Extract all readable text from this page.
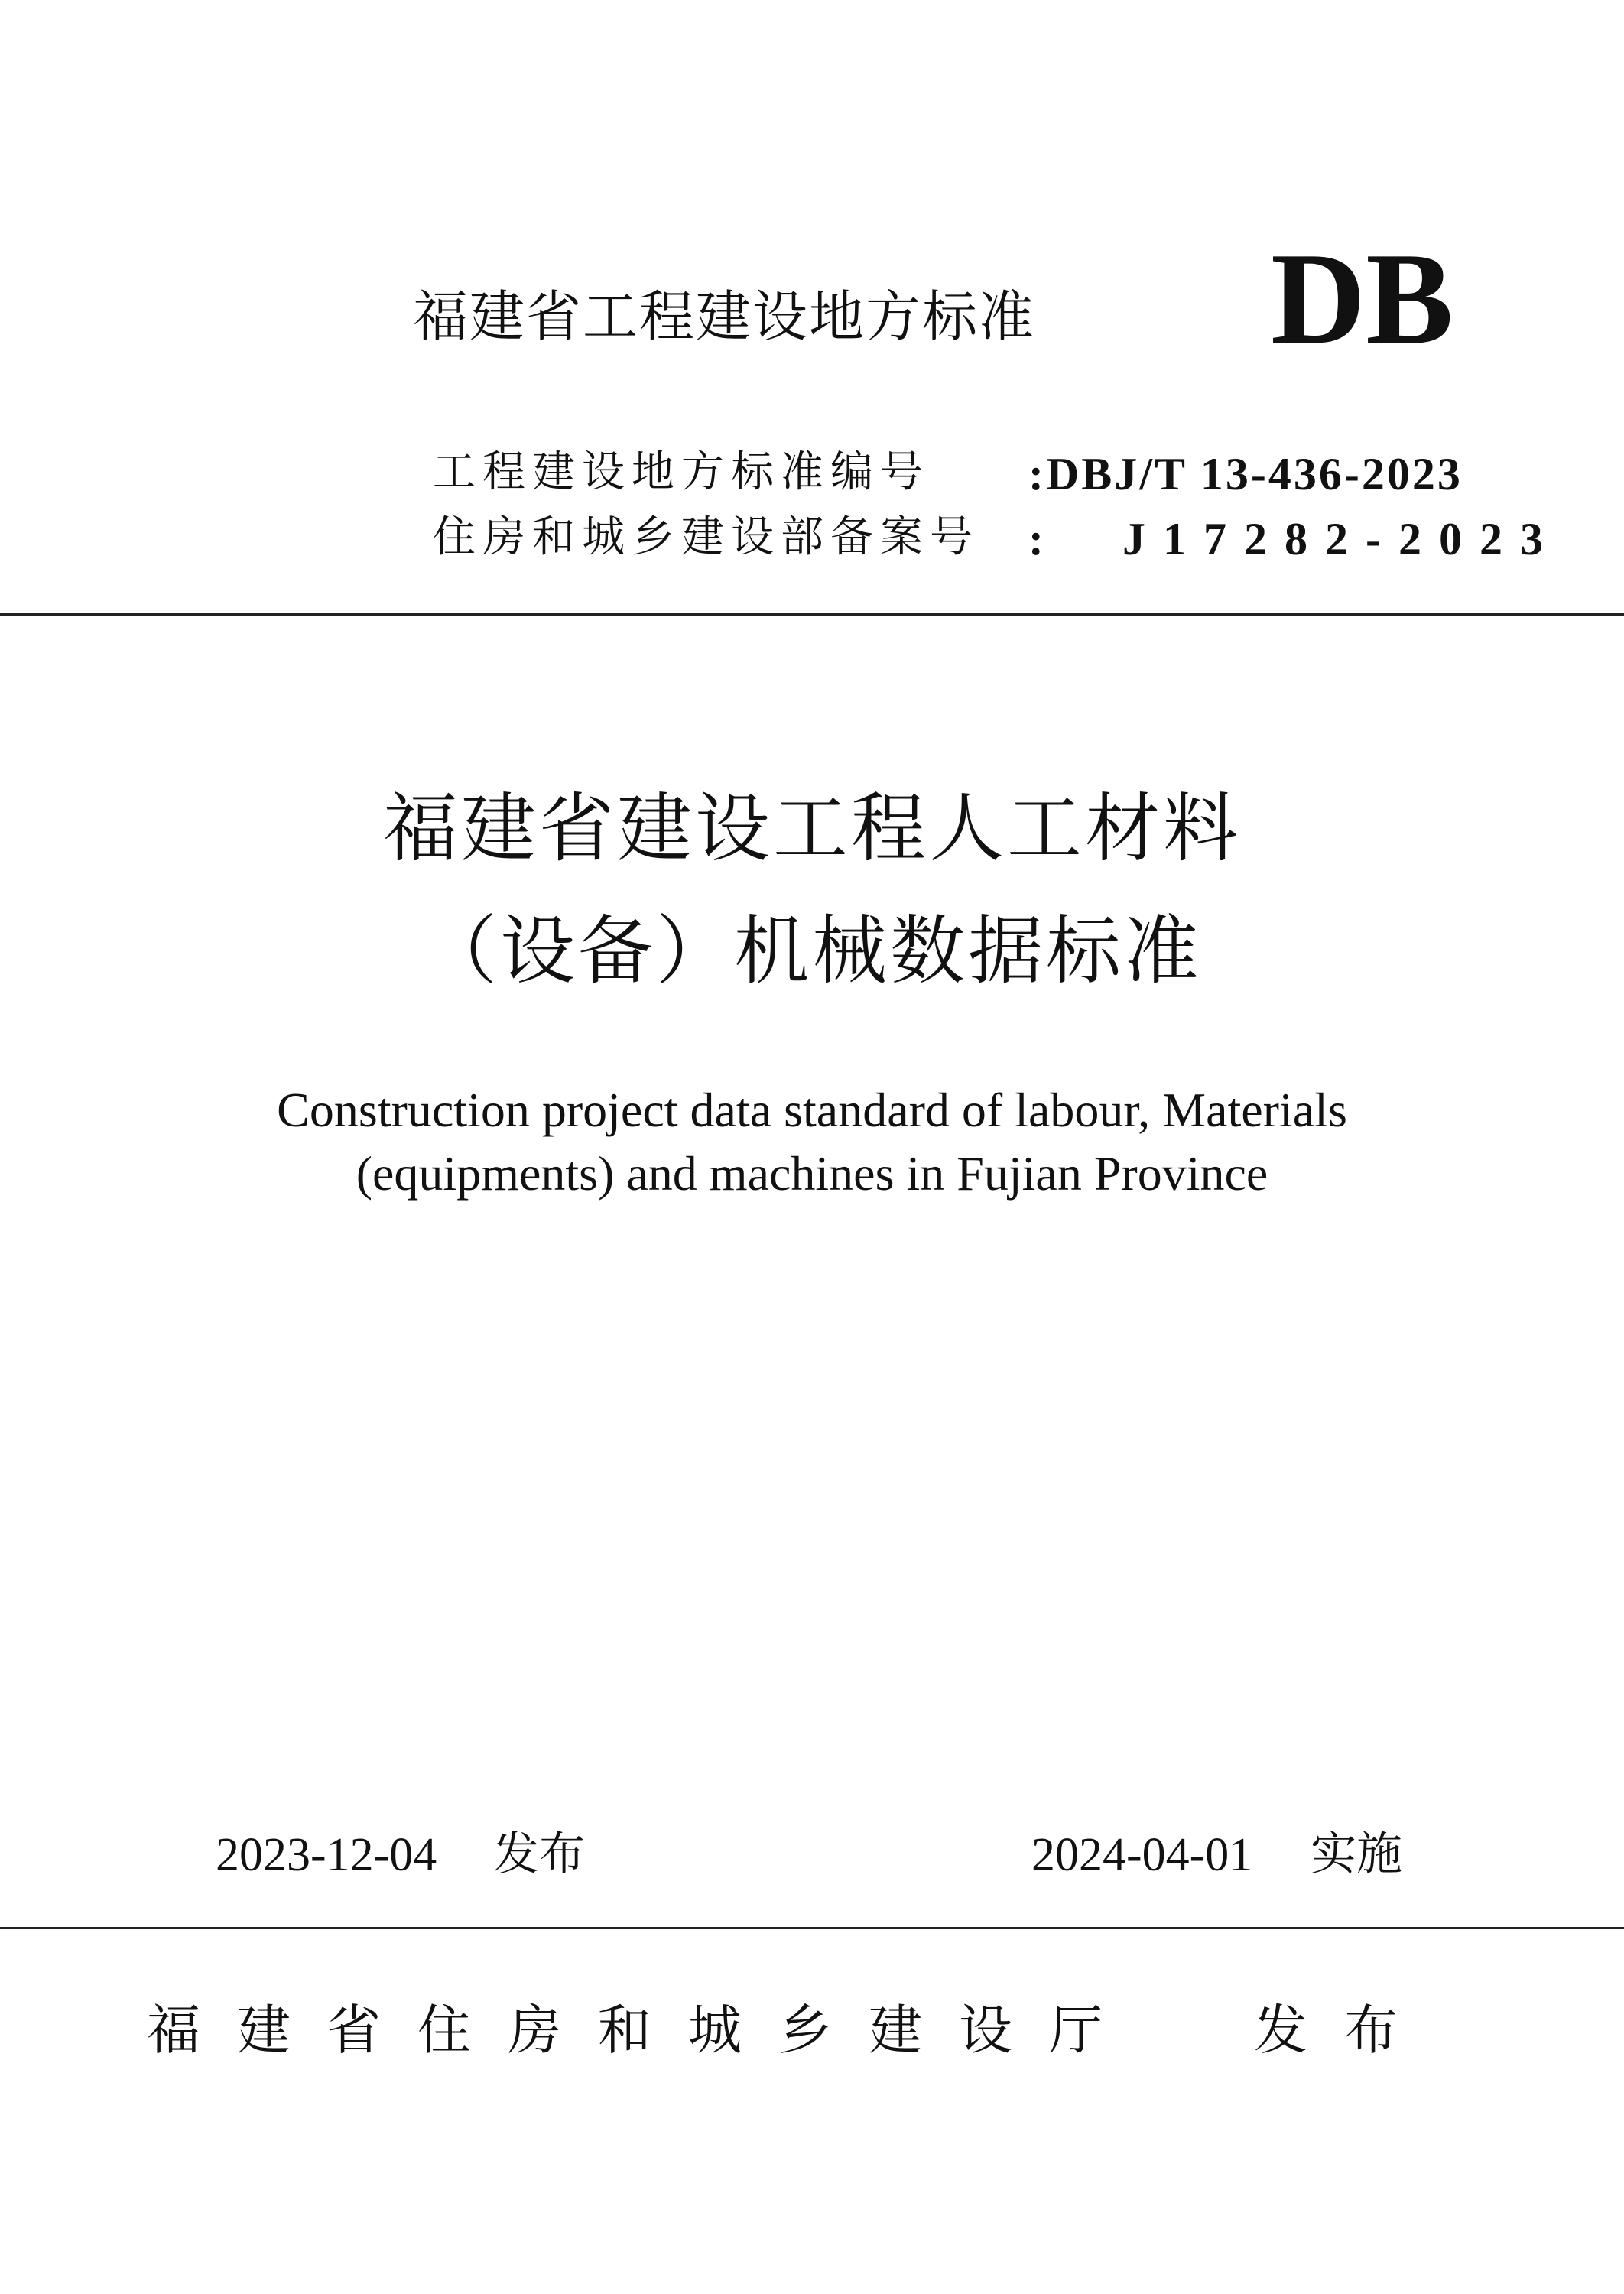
福建省工程建设地方标准 DB
工程建设地方标准编号 :DBJ/T 13-436-2023
住房和城乡建设部备案号 : J17282-2023
福建省建设工程人工材料
（设备）机械数据标准
Construction project data standard of labour, Materials
(equipments) and machines in Fujian Province
2023-12-04 发布	2024-04-01 实施
福建省住房和城乡建设厅 发布
